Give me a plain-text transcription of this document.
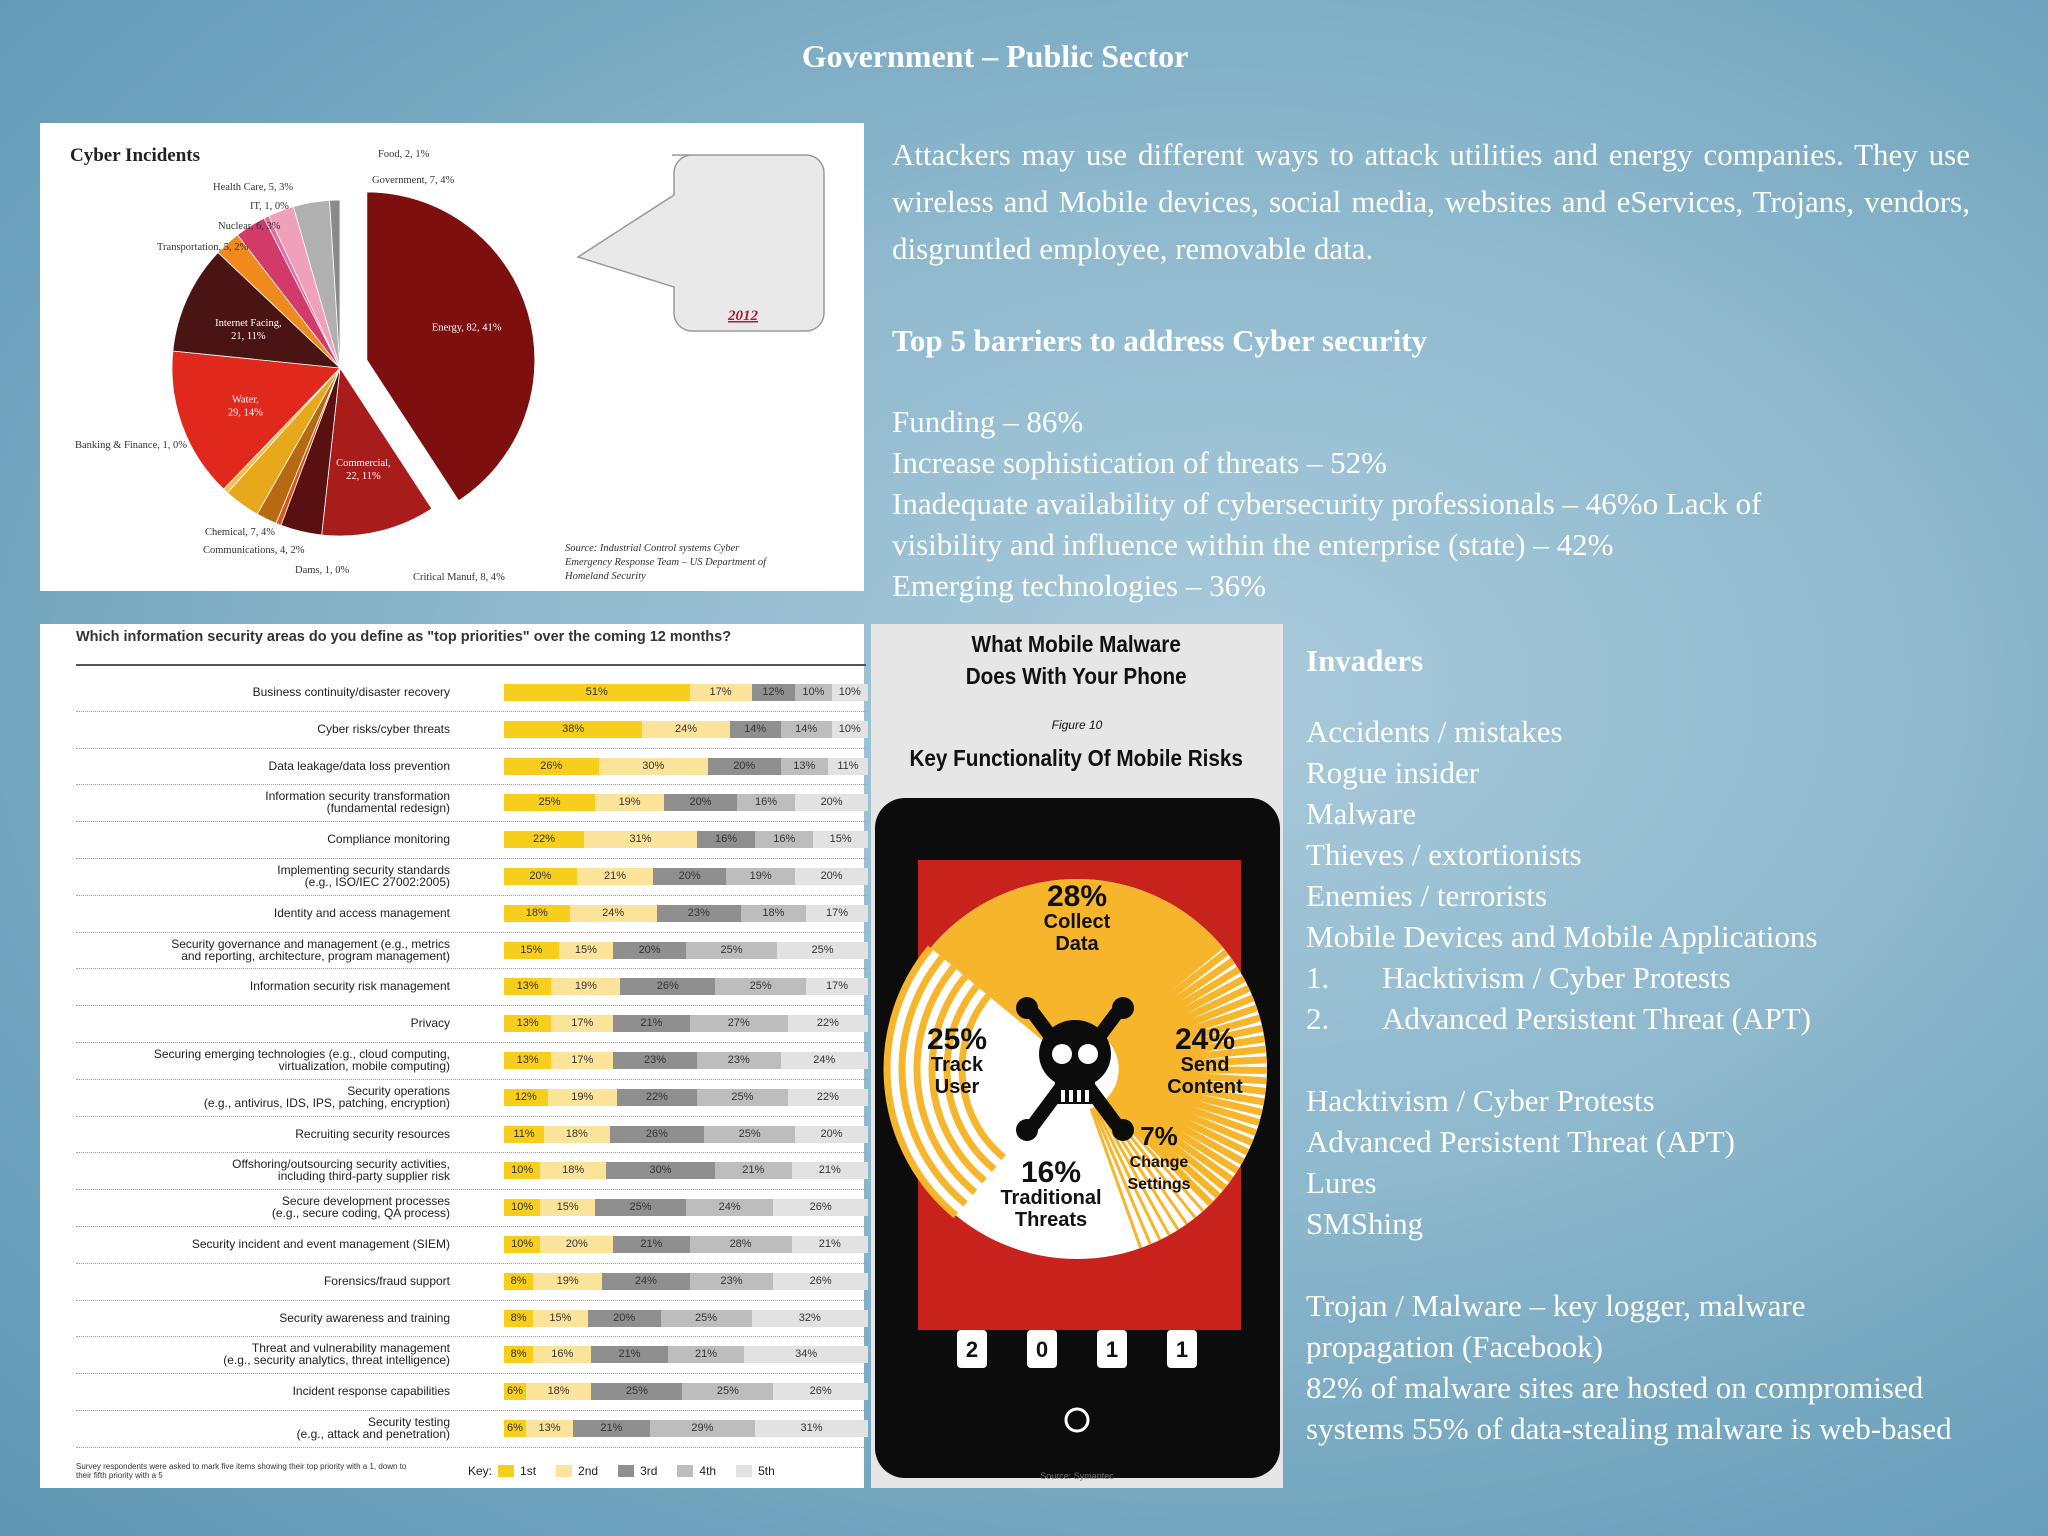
Government – Public Sector
Cyber Incidents
2012
Energy, 82, 41%
Commercial, 22, 11%
Water, 29, 14%
Internet Facing, 21, 11%
Health Care, 5, 3%
IT, 1, 0%
Nuclear, 6, 3%
Transportation, 5, 2%
Food, 2, 1%
Government, 7, 4%
Banking & Finance, 1, 0%
Chemical, 7, 4%
Communications, 4, 2%
Dams, 1, 0%
Critical Manuf, 8, 4%
Source: Industrial Control systems Cyber
Emergency Response Team – US Department of
Homeland Security
Attackers may use different ways to attack utilities and energy companies. They use wireless and Mobile devices, social media, websites and eServices, Trojans, vendors, disgruntled employee, removable data.
Top 5 barriers to address Cyber security

Funding – 86%

Increase sophistication of threats – 52%

Inadequate availability of cybersecurity professionals – 46%o Lack of

visibility and influence within the enterprise (state) – 42%

Emerging technologies – 36%

Which information security areas do you define as "top priorities" over the coming 12 months?
Business continuity/disaster recovery	51%	17%	12%	10%	10%
Cyber risks/cyber threats	38%	24%	14%	14%	10%
Data leakage/data loss prevention	26%	30%	20%	13%	11%
Information security transformation
(fundamental redesign)	25%	19%	20%	16%	20%
Compliance monitoring	22%	31%	16%	16%	15%
Implementing security standards
(e.g., ISO/IEC 27002:2005)	20%	21%	20%	19%	20%
Identity and access management	18%	24%	23%	18%	17%
Security governance and management (e.g., metrics
and reporting, architecture, program management)	15%	15%	20%	25%	25%
Information security risk management	13%	19%	26%	25%	17%
Privacy	13%	17%	21%	27%	22%
Securing emerging technologies (e.g., cloud computing,
virtualization, mobile computing)	13%	17%	23%	23%	24%
Security operations
(e.g., antivirus, IDS, IPS, patching, encryption)	12%	19%	22%	25%	22%
Recruiting security resources	11%	18%	26%	25%	20%
Offshoring/outsourcing security activities,
including third-party supplier risk	10%	18%	30%	21%	21%
Secure development processes
(e.g., secure coding, QA process)	10%	15%	25%	24%	26%
Security incident and event management (SIEM)	10%	20%	21%	28%	21%
Forensics/fraud support	8%	19%	24%	23%	26%
Security awareness and training	8%	15%	20%	25%	32%
Threat and vulnerability management
(e.g., security analytics, threat intelligence)	8%	16%	21%	21%	34%
Incident response capabilities	6%	18%	25%	25%	26%
Security testing
(e.g., attack and penetration)	6%	13%	21%	29%	31%
Survey respondents were asked to mark five items showing their top priority with a 1, down to their fifth priority with a 5	Key: 1st	2nd	3rd	4th	5th
What Mobile Malware
Does With Your Phone
Figure 10
Key Functionality Of Mobile Risks
28%
Collect
Data
24%
Send
Content
7%
Change
Settings
16%
Traditional
Threats
25%
Track
User
2	0	1	1
Source: Symantec

Invaders

Accidents / mistakes

Rogue insider

Malware

Thieves / extortionists

Enemies / terrorists

Mobile Devices and Mobile Applications

1.	Hacktivism / Cyber Protests

2.	Advanced Persistent Threat (APT)

Hacktivism / Cyber Protests

Advanced Persistent Threat (APT)

Lures

SMShing

Trojan / Malware – key logger, malware

propagation (Facebook)

82% of malware sites are hosted on compromised

systems 55% of data-stealing malware is web-based
